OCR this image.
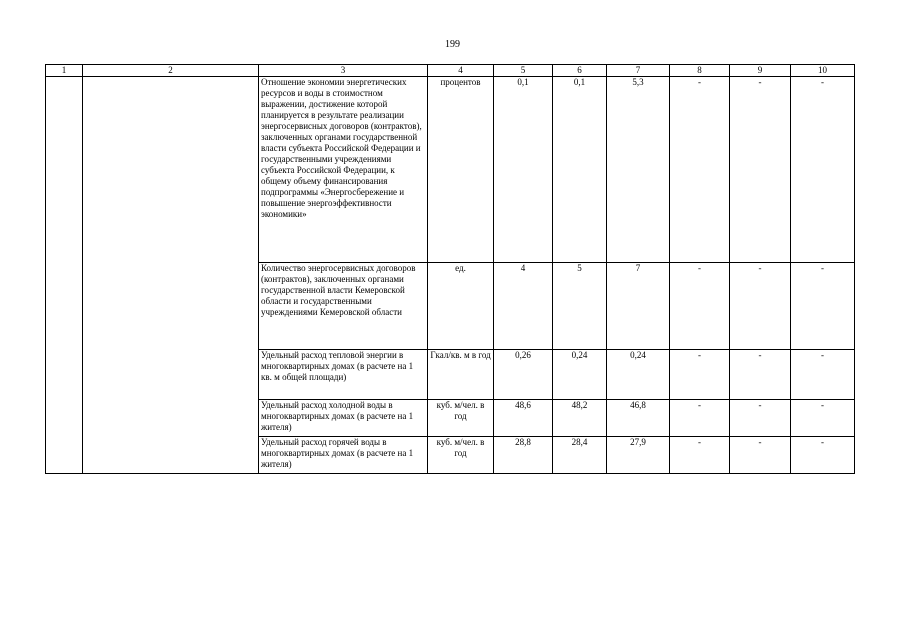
199
1	2	3	4	5	6	7	8	9	10
		Отношение экономии энергетических ресурсов и воды в стоимостном выражении, достижение которой планируется в результате реализации энергосервисных договоров (контрактов), заключенных органами государственной власти субъекта Российской Федерации и государственными учреждениями субъекта Российской Федерации, к общему объему финансирования подпрограммы «Энергосбережение и повышение энергоэффективности экономики»	процентов	0,1	0,1	5,3	-	-	-
		Количество энергосервисных договоров (контрактов), заключенных органами государственной власти Кемеровской области и государственными учреждениями Кемеровской области	ед.	4	5	7	-	-	-
		Удельный расход тепловой энергии в многоквартирных домах (в расчете на 1 кв. м общей площади)	Гкал/кв. м в год	0,26	0,24	0,24	-	-	-
		Удельный расход холодной воды в многоквартирных домах (в расчете на 1 жителя)	куб. м/чел. в год	48,6	48,2	46,8	-	-	-
		Удельный расход горячей воды в многоквартирных домах (в расчете на 1 жителя)	куб. м/чел. в год	28,8	28,4	27,9	-	-	-
